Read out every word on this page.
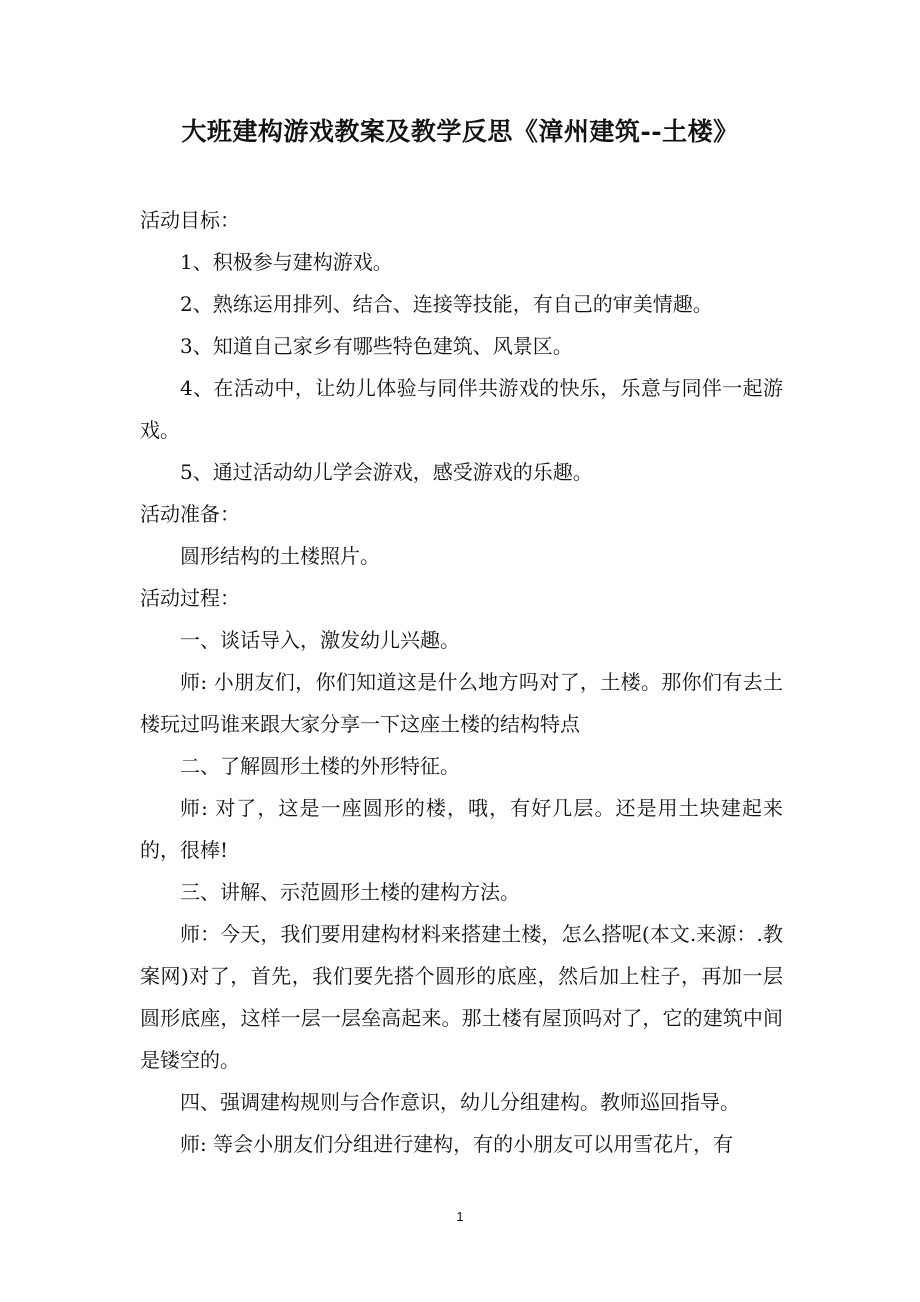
大班建构游戏教案及教学反思《漳州建筑--土楼》

活动目标：

1、积极参与建构游戏。

2、熟练运用排列、结合、连接等技能，有自己的审美情趣。

3、知道自己家乡有哪些特色建筑、风景区。

4、在活动中，让幼儿体验与同伴共游戏的快乐，乐意与同伴一起游戏。

5、通过活动幼儿学会游戏，感受游戏的乐趣。

活动准备：

圆形结构的土楼照片。

活动过程：

一、谈话导入，激发幼儿兴趣。

师: 小朋友们，你们知道这是什么地方吗对了，土楼。那你们有去土楼玩过吗谁来跟大家分享一下这座土楼的结构特点

二、了解圆形土楼的外形特征。

师: 对了，这是一座圆形的楼，哦，有好几层。还是用土块建起来的，很棒!

三、讲解、示范圆形土楼的建构方法。

师：今天，我们要用建构材料来搭建土楼，怎么搭呢(本文.来源：.教案网)对了，首先，我们要先搭个圆形的底座，然后加上柱子，再加一层圆形底座，这样一层一层垒高起来。那土楼有屋顶吗对了，它的建筑中间是镂空的。

四、强调建构规则与合作意识，幼儿分组建构。教师巡回指导。

师: 等会小朋友们分组进行建构，有的小朋友可以用雪花片，有

1
